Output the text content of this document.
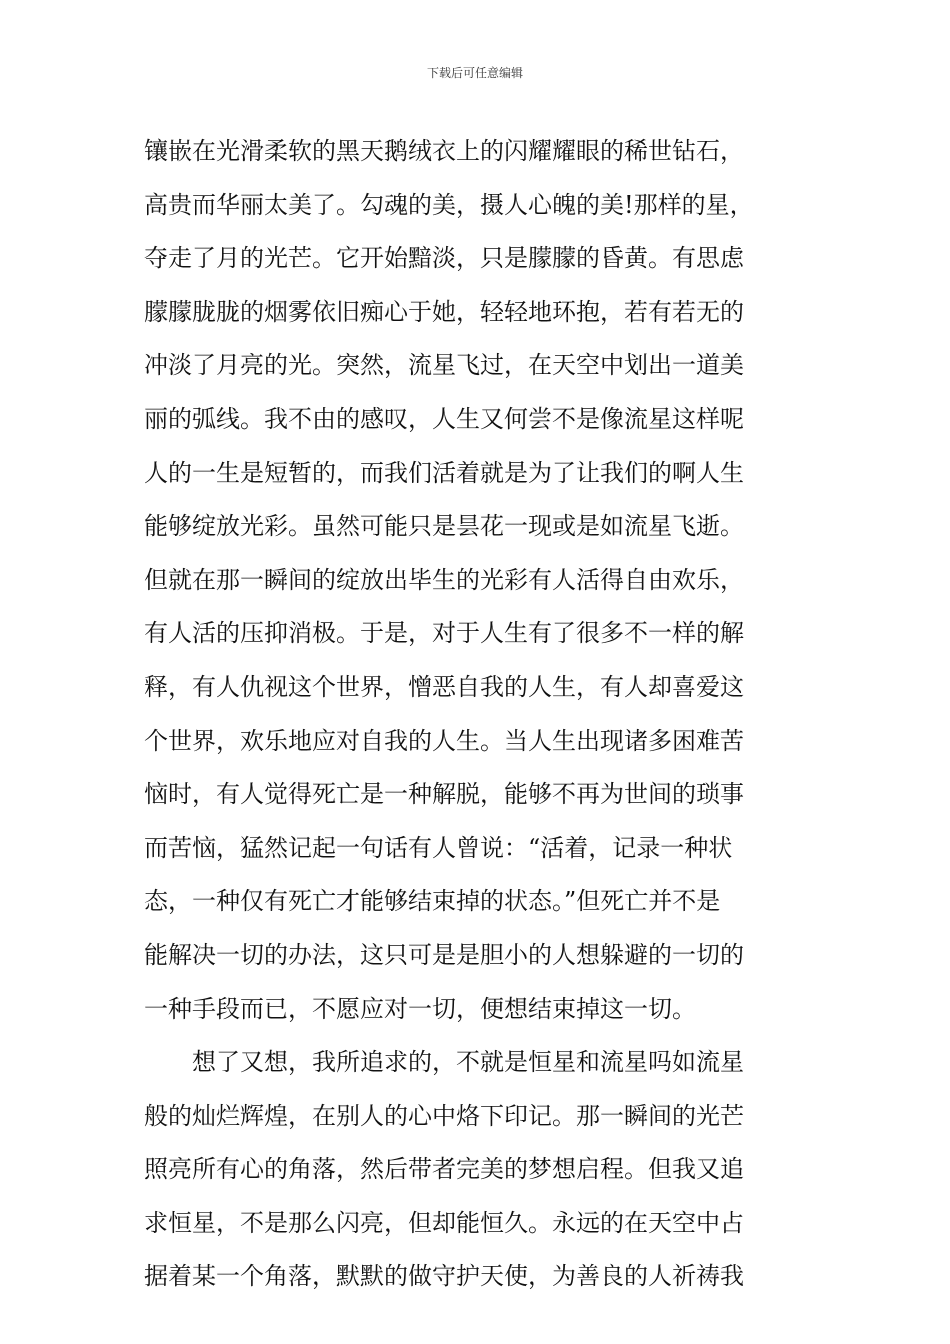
下载后可任意编辑
镶嵌在光滑柔软的黑天鹅绒衣上的闪耀耀眼的稀世钻石，
高贵而华丽太美了。勾魂的美，摄人心魄的美!那样的星，
夺走了月的光芒。它开始黯淡，只是朦朦的昏黄。有思虑
朦朦胧胧的烟雾依旧痴心于她，轻轻地环抱，若有若无的
冲淡了月亮的光。突然，流星飞过，在天空中划出一道美
丽的弧线。我不由的感叹，人生又何尝不是像流星这样呢
人的一生是短暂的，而我们活着就是为了让我们的啊人生
能够绽放光彩。虽然可能只是昙花一现或是如流星飞逝。
但就在那一瞬间的绽放出毕生的光彩有人活得自由欢乐，
有人活的压抑消极。于是，对于人生有了很多不一样的解
释，有人仇视这个世界，憎恶自我的人生，有人却喜爱这
个世界，欢乐地应对自我的人生。当人生出现诸多困难苦
恼时，有人觉得死亡是一种解脱，能够不再为世间的琐事
而苦恼，猛然记起一句话有人曾说：“活着，记录一种状
态，一种仅有死亡才能够结束掉的状态。”但死亡并不是
能解决一切的办法，这只可是是胆小的人想躲避的一切的
一种手段而已，不愿应对一切，便想结束掉这一切。
想了又想，我所追求的，不就是恒星和流星吗如流星
般的灿烂辉煌，在别人的心中烙下印记。那一瞬间的光芒
照亮所有心的角落，然后带者完美的梦想启程。但我又追
求恒星，不是那么闪亮，但却能恒久。永远的在天空中占
据着某一个角落，默默的做守护天使，为善良的人祈祷我
